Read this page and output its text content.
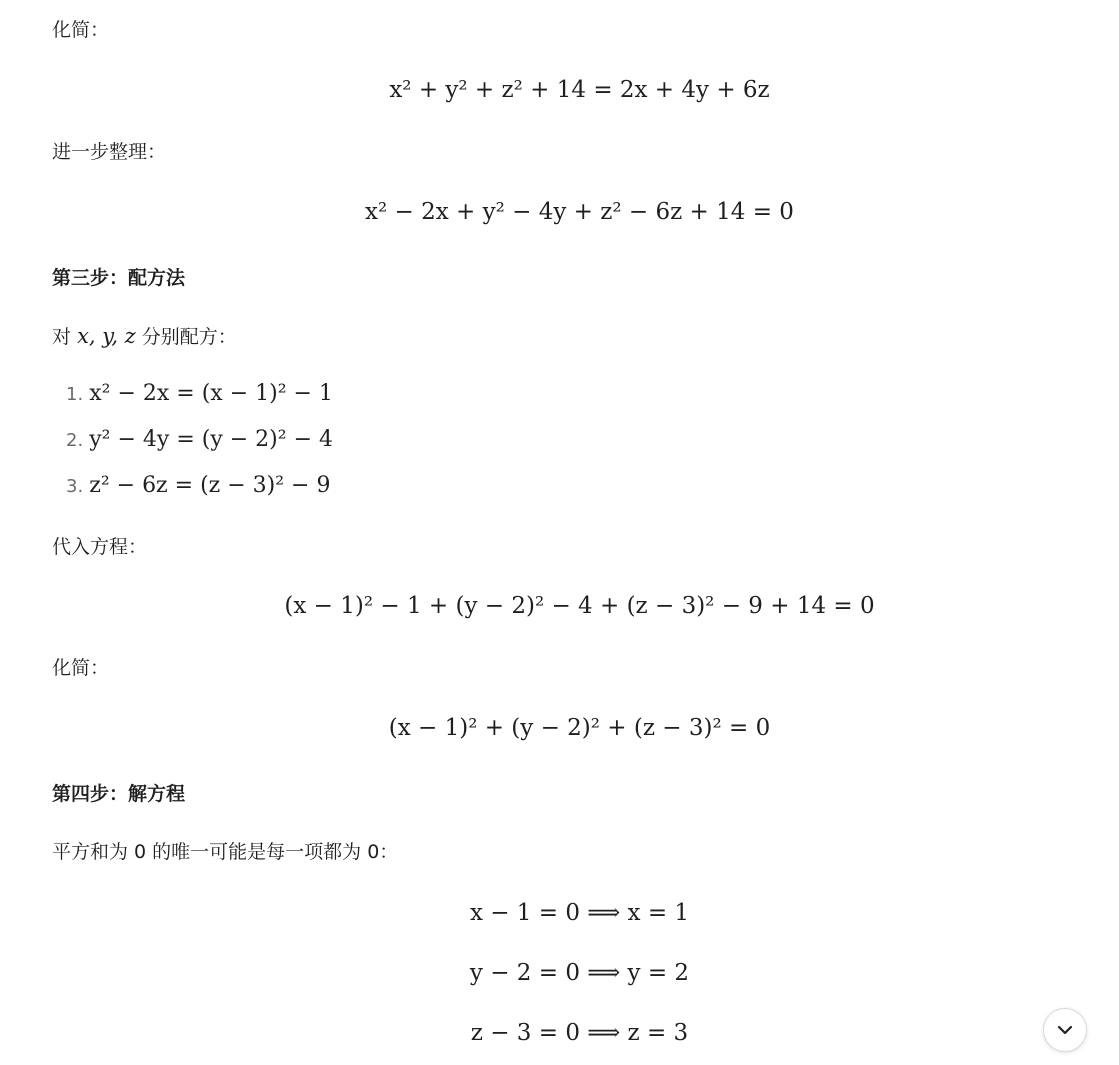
化简：
x² + y² + z² + 14 = 2x + 4y + 6z
进一步整理：
x² − 2x + y² − 4y + z² − 6z + 14 = 0
第三步：配方法
对 x, y, z 分别配方：
1. x² − 2x = (x − 1)² − 1
2. y² − 4y = (y − 2)² − 4
3. z² − 6z = (z − 3)² − 9
代入方程：
(x − 1)² − 1 + (y − 2)² − 4 + (z − 3)² − 9 + 14 = 0
化简：
(x − 1)² + (y − 2)² + (z − 3)² = 0
第四步：解方程
平方和为 0 的唯一可能是每一项都为 0：
x − 1 = 0 ⟹ x = 1
y − 2 = 0 ⟹ y = 2
z − 3 = 0 ⟹ z = 3
